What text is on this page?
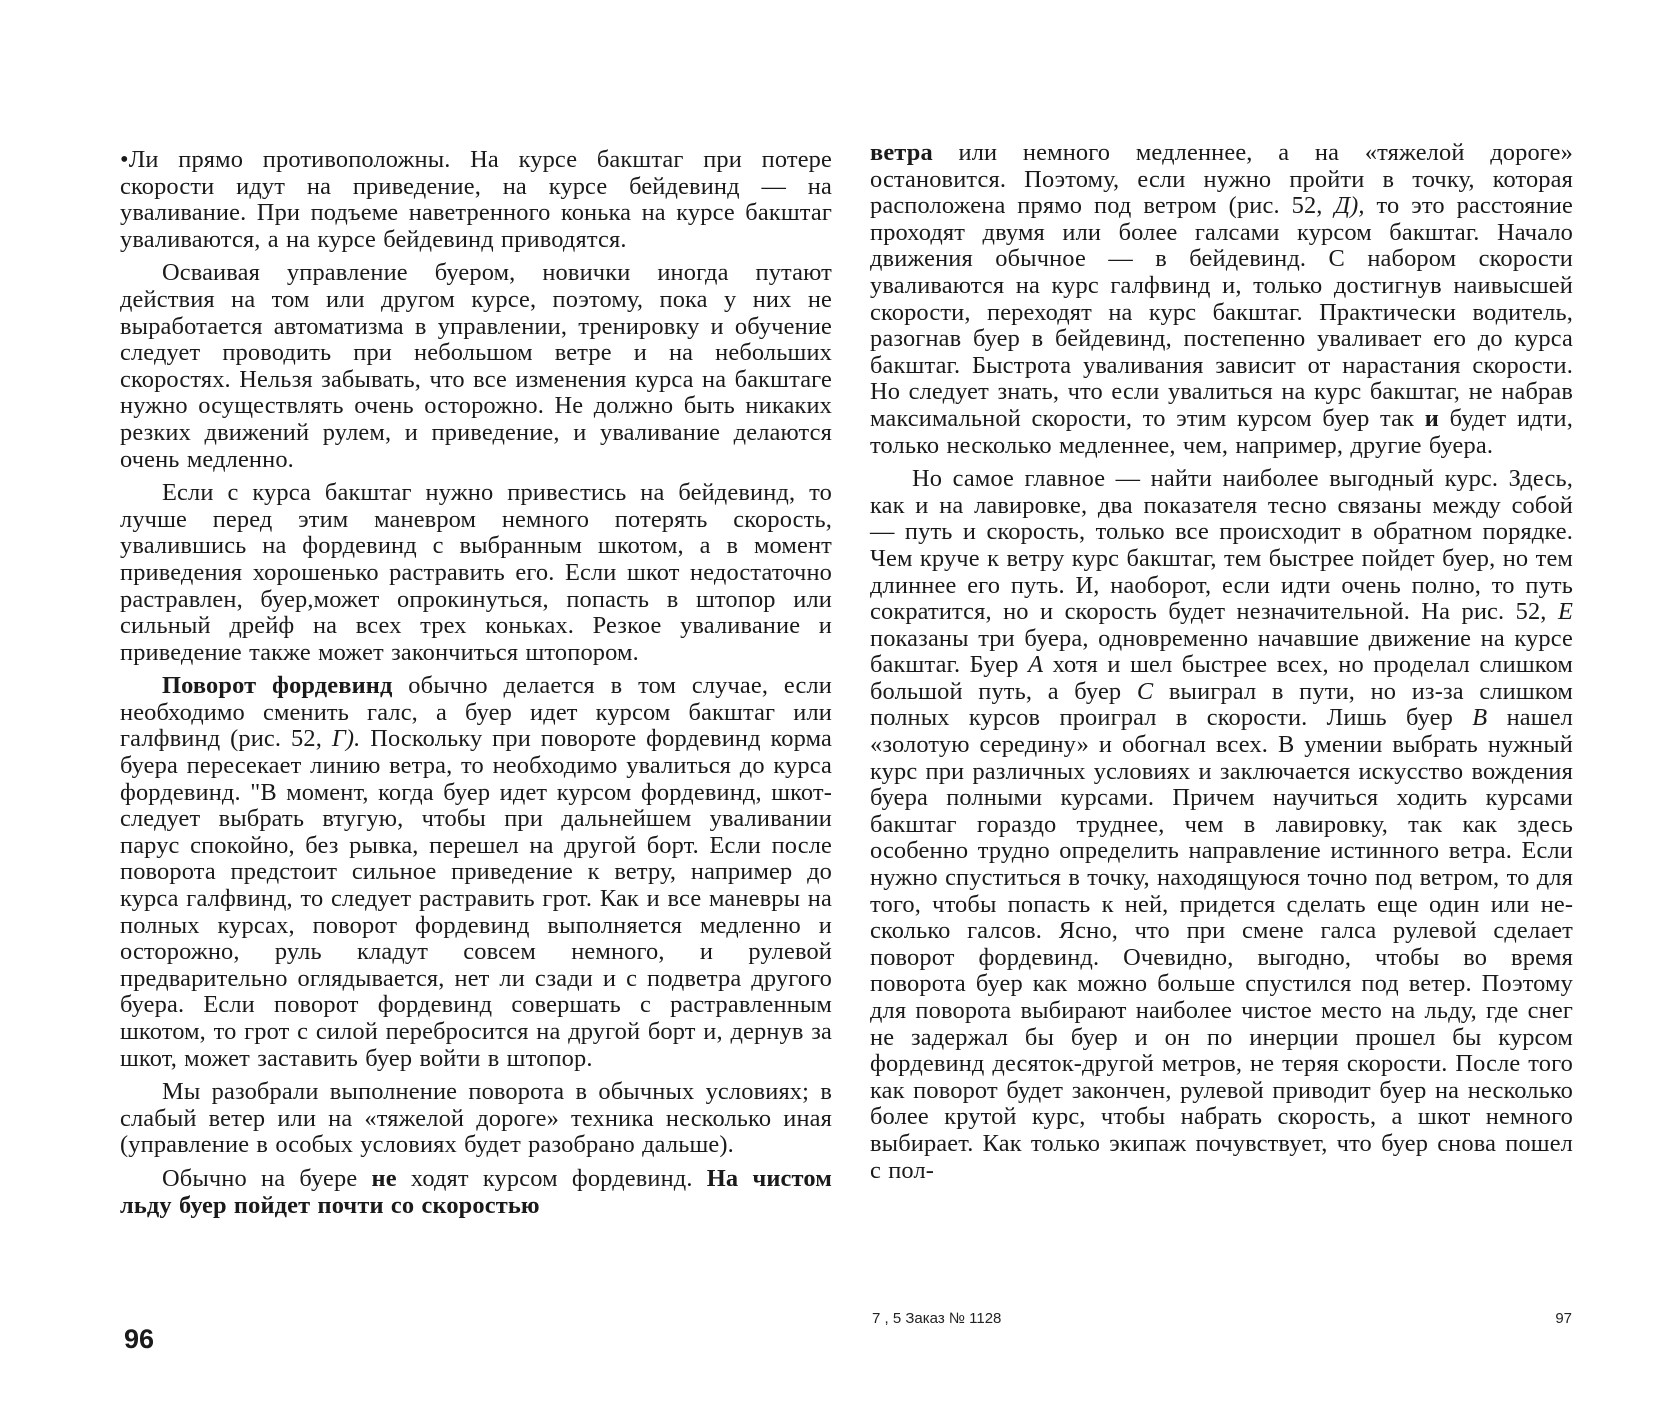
•Ли прямо противоположны. На курсе бакштаг при потере скорости идут на приведение, на курсе бейдевинд — на уваливание. При подъеме наветренного конька на курсе бакштаг уваливаются, а на курсе бейдевинд приводятся.

Осваивая управление буером, новички иногда путают действия на том или другом курсе, поэтому, пока у них не выработается автоматизма в управлении, тренировку и обучение следует проводить при небольшом ветре и на небольших скоростях. Нельзя забывать, что все изменения курса на бакштаге нужно осуществлять очень осторожно. Не должно быть никаких резких движений рулем, и приведение, и уваливание делаются очень медленно.

Если с курса бакштаг нужно привестись на бейдевинд, то лучше перед этим маневром немного потерять скорость, увалившись на фордевинд с выбранным шкотом, а в момент приведения хорошенько растравить его. Если шкот недостаточно растравлен, буер,может опрокинуться, попасть в штопор или сильный дрейф на всех трех коньках. Резкое уваливание и приведение также может закончиться штопором.

Поворот фордевинд обычно делается в том случае, если необходимо сменить галс, а буер идет курсом бакштаг или галфвинд (рис. 52, Г). Поскольку при повороте фордевинд корма буера пересекает линию ветра, то необходимо увалиться до курса фордевинд. "В момент, когда буер идет курсом фордевинд, шкот-следует выбрать втугую, чтобы при дальнейшем уваливании парус спокойно, без рывка, перешел на другой борт. Если после поворота предстоит сильное приведение к ветру, например до курса галфвинд, то следует растравить грот. Как и все маневры на полных курсах, поворот фордевинд выполняется медленно и осторожно, руль кладут совсем немного, и рулевой предварительно оглядывается, нет ли сзади и с подветра другого буера. Если поворот фордевинд совершать с растравленным шкотом, то грот с силой перебросится на другой борт и, дернув за шкот, может заставить буер войти в штопор.

Мы разобрали выполнение поворота в обычных условиях; в слабый ветер или на «тяжелой дороге» техника несколько иная (управление в особых условиях будет разобрано дальше).

Обычно на буере не ходят курсом фордевинд. На чистом льду буер пойдет почти со скоростью

96

ветра или немного медленнее, а на «тяжелой дороге» остановится. Поэтому, если нужно пройти в точку, которая расположена прямо под ветром (рис. 52, Д), то это расстояние проходят двумя или более галсами курсом бакштаг. Начало движения обычное — в бейдевинд. С набором скорости уваливаются на курс галфвинд и, только достигнув наивысшей скорости, переходят на курс бакштаг. Практически водитель, разогнав буер в бейдевинд, постепенно уваливает его до курса бакштаг. Быстрота уваливания зависит от нарастания скорости. Но следует знать, что если увалиться на курс бакштаг, не набрав максимальной скорости, то этим курсом буер так и будет идти, только несколько медленнее, чем, например, другие буера.

Но самое главное — найти наиболее выгодный курс. Здесь, как и на лавировке, два показателя тесно связаны между собой — путь и скорость, только все происходит в обратном порядке. Чем круче к ветру курс бакштаг, тем быстрее пойдет буер, но тем длиннее его путь. И, наоборот, если идти очень полно, то путь сократится, но и скорость будет незначительной. На рис. 52, Е показаны три буера, одновременно начавшие движение на курсе бакштаг. Буер А хотя и шел быстрее всех, но проделал слишком большой путь, а буер С выиграл в пути, но из-за слишком полных курсов проиграл в скорости. Лишь буер В нашел «золотую середину» и обогнал всех. В умении выбрать нужный курс при различных условиях и заключается искусство вождения буера полными курсами. Причем научиться ходить курсами бакштаг гораздо труднее, чем в лавировку, так как здесь особенно трудно определить направление истинного ветра. Если нужно спуститься в точку, находящуюся точно под ветром, то для того, чтобы попасть к ней, придется сделать еще один или несколько галсов. Ясно, что при смене галса рулевой сделает поворот фордевинд. Очевидно, выгодно, чтобы во время поворота буер как можно больше спустился под ветер. Поэтому для поворота выбирают наиболее чистое место на льду, где снег не задержал бы буер и он по инерции прошел бы курсом фордевинд десяток-другой метров, не теряя скорости. После того как поворот будет закончен, рулевой приводит буер на несколько более крутой курс, чтобы набрать скорость, а шкот немного выбирает. Как только экипаж почувствует, что буер снова пошел с пол-

7 , 5 Заказ № 1128	97
